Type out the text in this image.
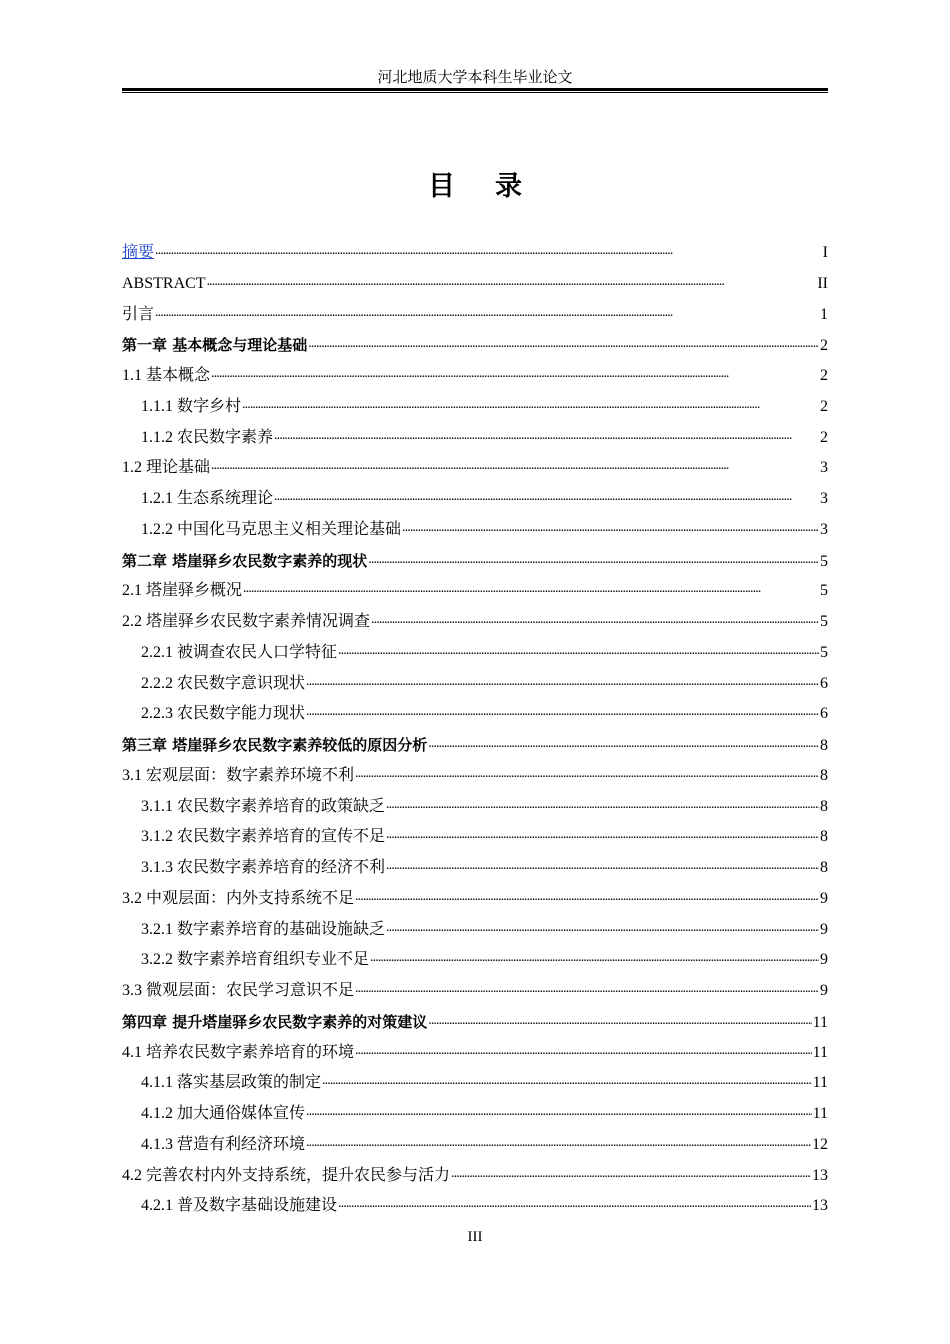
河北地质大学本科生毕业论文
目录
摘要 . . .	I
ABSTRACT . . .	II
引言 . . .	1
第一章 基本概念与理论基础 . . .	2
1.1 基本概念 . . .	2
1.1.1 数字乡村 . . .	2
1.1.2 农民数字素养 . . .	2
1.2 理论基础 . . .	3
1.2.1 生态系统理论 . . .	3
1.2.2 中国化马克思主义相关理论基础 . . .	3
第二章 塔崖驿乡农民数字素养的现状 . . .	5
2.1 塔崖驿乡概况 . . .	5
2.2 塔崖驿乡农民数字素养情况调查 . . .	5
2.2.1 被调查农民人口学特征 . . .	5
2.2.2 农民数字意识现状 . . .	6
2.2.3 农民数字能力现状 . . .	6
第三章 塔崖驿乡农民数字素养较低的原因分析 . . .	8
3.1 宏观层面：数字素养环境不利 . . .	8
3.1.1 农民数字素养培育的政策缺乏 . . .	8
3.1.2 农民数字素养培育的宣传不足 . . .	8
3.1.3 农民数字素养培育的经济不利 . . .	8
3.2 中观层面：内外支持系统不足 . . .	9
3.2.1 数字素养培育的基础设施缺乏 . . .	9
3.2.2 数字素养培育组织专业不足 . . .	9
3.3 微观层面：农民学习意识不足 . . .	9
第四章 提升塔崖驿乡农民数字素养的对策建议 . . .	11
4.1 培养农民数字素养培育的环境 . . .	11
4.1.1 落实基层政策的制定 . . .	11
4.1.2 加大通俗媒体宣传 . . .	11
4.1.3 营造有利经济环境 . . .	12
4.2 完善农村内外支持系统，提升农民参与活力 . . .	13
4.2.1 普及数字基础设施建设 . . .	13
III
